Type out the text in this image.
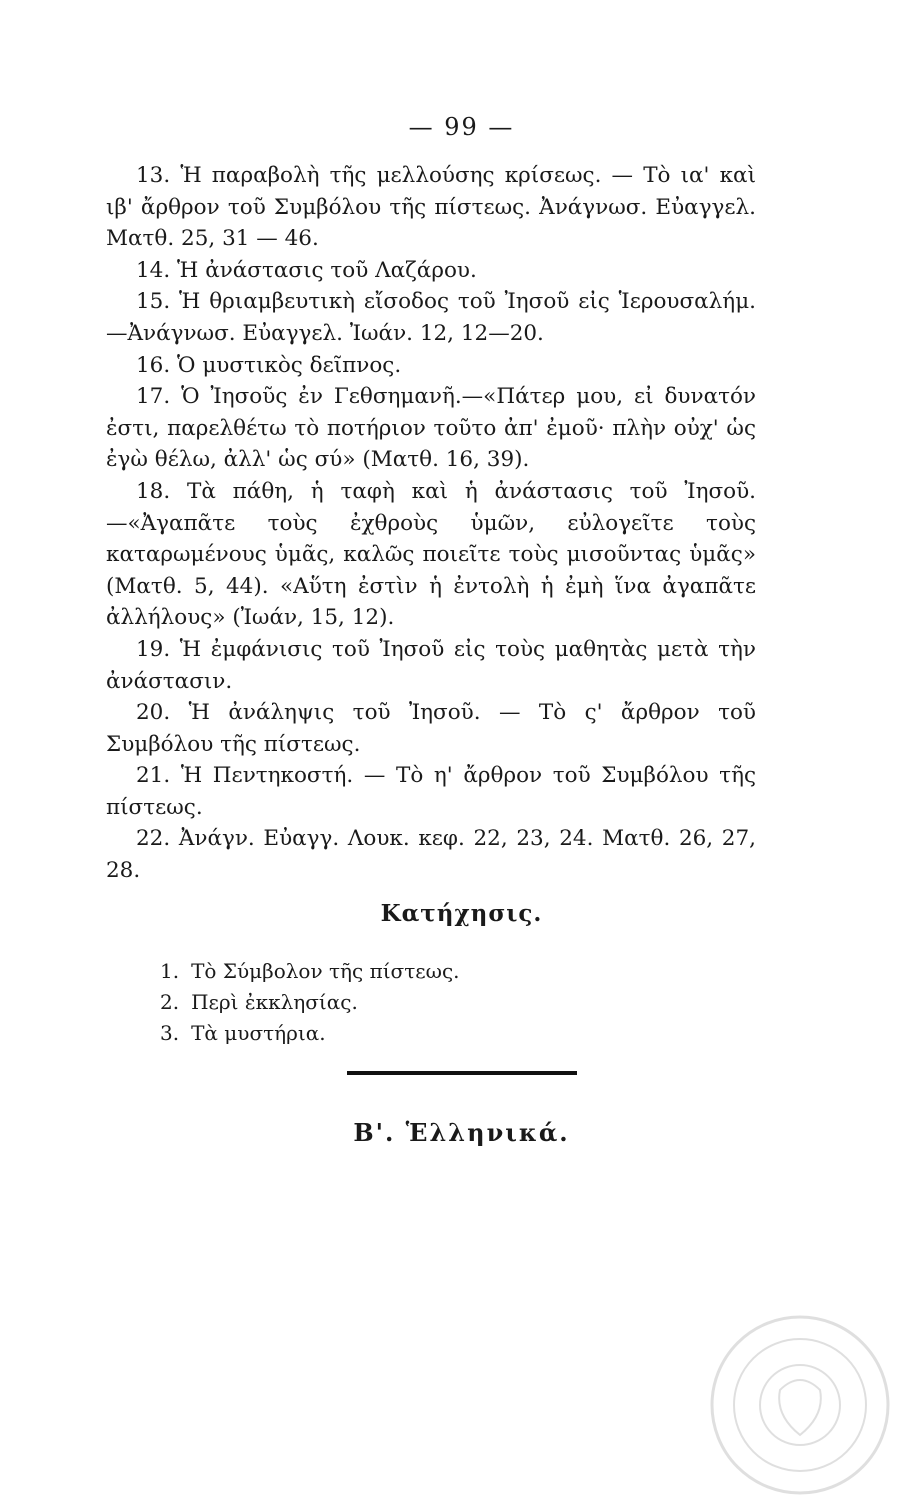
— 99 —

13. Ἡ παραβολὴ τῆς μελλούσης κρίσεως. — Τὸ ια' καὶ ιβ' ἄρθρον τοῦ Συμβόλου τῆς πίστεως. Ἀνάγνωσ. Εὐαγγελ. Ματθ. 25, 31 — 46.

14. Ἡ ἀνάστασις τοῦ Λαζάρου.

15. Ἡ θριαμβευτικὴ εἴσοδος τοῦ Ἰησοῦ εἰς Ἱερουσαλήμ.—Ἀνάγνωσ. Εὐαγγελ. Ἰωάν. 12, 12—20.

16. Ὁ μυστικὸς δεῖπνος.

17. Ὁ Ἰησοῦς ἐν Γεθσημανῆ.—«Πάτερ μου, εἰ δυνατόν ἐστι, παρελθέτω τὸ ποτήριον τοῦτο ἀπ' ἐμοῦ· πλὴν οὐχ' ὡς ἐγὼ θέλω, ἀλλ' ὡς σύ» (Ματθ. 16, 39).

18. Τὰ πάθη, ἡ ταφὴ καὶ ἡ ἀνάστασις τοῦ Ἰησοῦ. —«Ἀγαπᾶτε τοὺς ἐχθροὺς ὑμῶν, εὐλογεῖτε τοὺς καταρωμένους ὑμᾶς, καλῶς ποιεῖτε τοὺς μισοῦντας ὑμᾶς» (Ματθ. 5, 44). «Αὕτη ἐστὶν ἡ ἐντολὴ ἡ ἐμὴ ἵνα ἀγαπᾶτε ἀλλήλους» (Ἰωάν, 15, 12).

19. Ἡ ἐμφάνισις τοῦ Ἰησοῦ εἰς τοὺς μαθητὰς μετὰ τὴν ἀνάστασιν.

20. Ἡ ἀνάληψις τοῦ Ἰησοῦ. — Τὸ ς' ἄρθρον τοῦ Συμβόλου τῆς πίστεως.

21. Ἡ Πεντηκοστή. — Τὸ η' ἄρθρον τοῦ Συμβόλου τῆς πίστεως.

22. Ἀνάγν. Εὐαγγ. Λουκ. κεφ. 22, 23, 24. Ματθ. 26, 27, 28.

Κατήχησις.
1. Τὸ Σύμβολον τῆς πίστεως.
2. Περὶ ἐκκλησίας.
3. Τὰ μυστήρια.
Β'. Ἑλληνικά.
